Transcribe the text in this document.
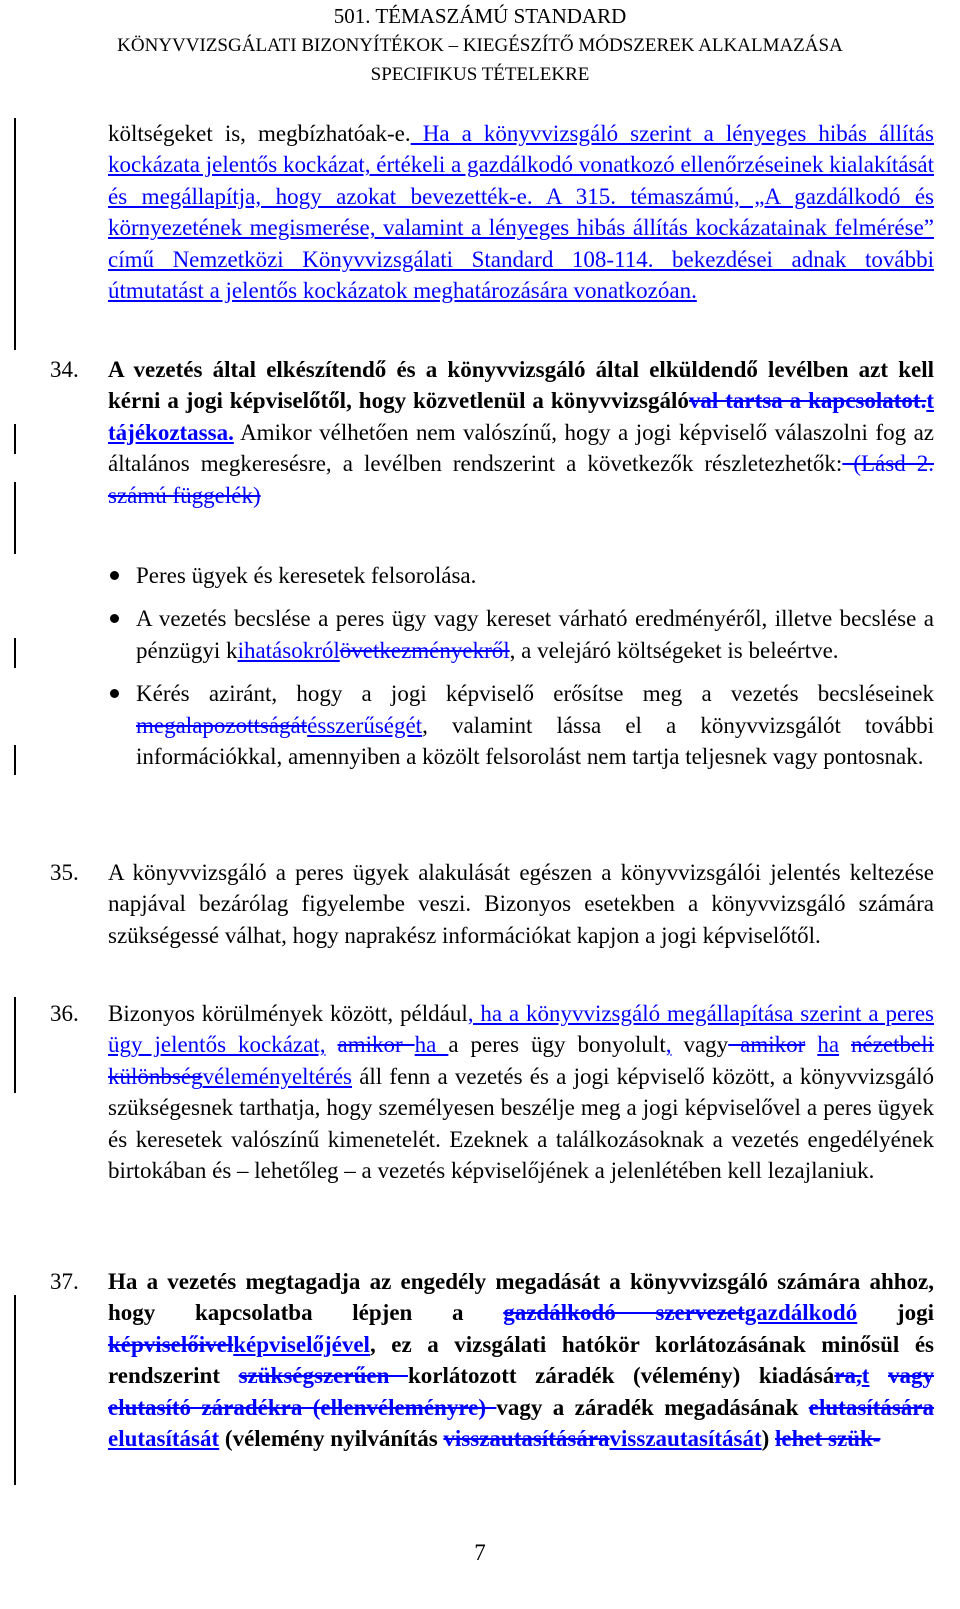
501. TÉMASZÁMÚ STANDARD
KÖNYVVIZSGÁLATI BIZONYÍTÉKOK – KIEGÉSZÍTŐ MÓDSZEREK ALKALMAZÁSA
SPECIFIKUS TÉTELEKRE
költségeket is, megbízhatóak-e. Ha a könyvvizsgáló szerint a lényeges hibás állítás kockázata jelentős kockázat, értékeli a gazdálkodó vonatkozó ellenőrzéseinek kialakítását és megállapítja, hogy azokat bevezették-e. A 315. témaszámú, „A gazdálkodó és környezetének megismerése, valamint a lényeges hibás állítás kockázatainak felmérése” című Nemzetközi Könyvvizsgálati Standard 108-114. bekezdései adnak további útmutatást a jelentős kockázatok meghatározására vonatkozóan.
34. A vezetés által elkészítendő és a könyvvizsgáló által elküldendő levélben azt kell kérni a jogi képviselőtől, hogy közvetlenül a könyvvizsgálóval tartsa a kapcsolatot.t tájékoztassa. Amikor vélhetően nem valószínű, hogy a jogi képviselő válaszolni fog az általános megkeresésre, a levélben rendszerint a következők részletezhetők: (Lásd 2. számú függelék)
Peres ügyek és keresetek felsorolása.
A vezetés becslése a peres ügy vagy kereset várható eredményéről, illetve becslése a pénzügyi kihatásokrólövetkezményekről, a velejáró költségeket is beleértve.
Kérés aziránt, hogy a jogi képviselő erősítse meg a vezetés becsléseinek megalapozottságátésszerűségét, valamint lássa el a könyvvizsgálót további információkkal, amennyiben a közölt felsorolást nem tartja teljesnek vagy pontosnak.
35. A könyvvizsgáló a peres ügyek alakulását egészen a könyvvizsgálói jelentés keltezése napjával bezárólag figyelembe veszi. Bizonyos esetekben a könyvvizsgáló számára szükségessé válhat, hogy naprakész információkat kapjon a jogi képviselőtől.
36. Bizonyos körülmények között, például, ha a könyvvizsgáló megállapítása szerint a peres ügy jelentős kockázat, amikor ha a peres ügy bonyolult, vagy amikor ha nézetbeli különbségvéleményeltérés áll fenn a vezetés és a jogi képviselő között, a könyvvizsgáló szükségesnek tarthatja, hogy személyesen beszélje meg a jogi képviselővel a peres ügyek és keresetek valószínű kimenetelét. Ezeknek a találkozásoknak a vezetés engedélyének birtokában és – lehetőleg – a vezetés képviselőjének a jelenlétében kell lezajlaniuk.
37. Ha a vezetés megtagadja az engedély megadását a könyvvizsgáló számára ahhoz, hogy kapcsolatba lépjen a gazdálkodó szervezetgazdálkodó jogi képviselőivelképviselőjével, ez a vizsgálati hatókör korlátozásának minősül és rendszerint szükségszerűen korlátozott záradék (vélemény) kiadására,t vagy elutasító záradékra (ellenvéleményre) vagy a záradék megadásának elutasítására elutasítását (vélemény nyilvánítás visszautasításáravisszautasítását) lehet szük-
7
